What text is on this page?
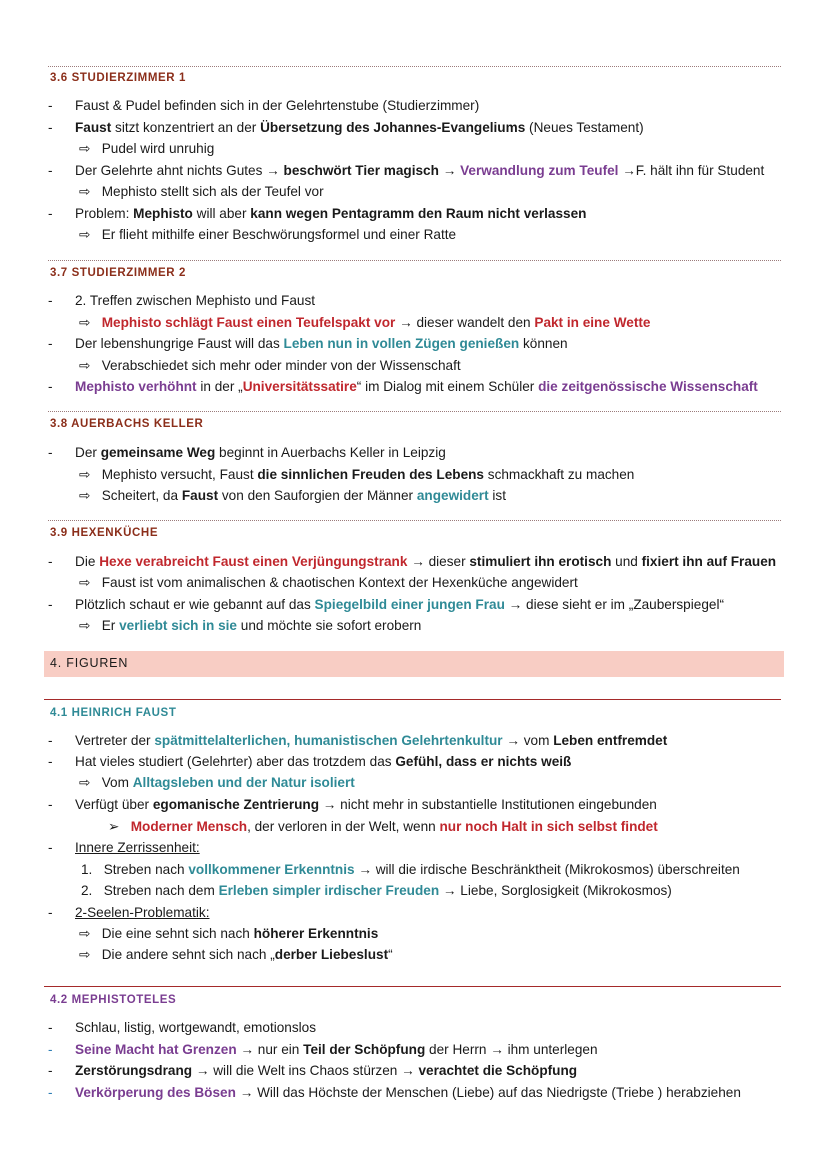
3.6 STUDIERZIMMER 1
- Faust & Pudel befinden sich in der Gelehrtenstube (Studierzimmer)
- Faust sitzt konzentriert an der Übersetzung des Johannes-Evangeliums (Neues Testament)
⇨ Pudel wird unruhig
- Der Gelehrte ahnt nichts Gutes → beschwört Tier magisch → Verwandlung zum Teufel →F. hält ihn für Student
⇨ Mephisto stellt sich als der Teufel vor
- Problem: Mephisto will aber kann wegen Pentagramm den Raum nicht verlassen
⇨ Er flieht mithilfe einer Beschwörungsformel und einer Ratte
3.7 STUDIERZIMMER 2
- 2. Treffen zwischen Mephisto und Faust
⇨ Mephisto schlägt Faust einen Teufelspakt vor → dieser wandelt den Pakt in eine Wette
- Der lebenshungrige Faust will das Leben nun in vollen Zügen genießen können
⇨ Verabschiedet sich mehr oder minder von der Wissenschaft
- Mephisto verhöhnt in der „Universitätssatire“ im Dialog mit einem Schüler die zeitgenössische Wissenschaft
3.8 AUERBACHS KELLER
- Der gemeinsame Weg beginnt in Auerbachs Keller in Leipzig
⇨ Mephisto versucht, Faust die sinnlichen Freuden des Lebens schmackhaft zu machen
⇨ Scheitert, da Faust von den Sauforgien der Männer angewidert ist
3.9 HEXENKÜCHE
- Die Hexe verabreicht Faust einen Verjüngungstrank → dieser stimuliert ihn erotisch und fixiert ihn auf Frauen
⇨ Faust ist vom animalischen & chaotischen Kontext der Hexenküche angewidert
- Plötzlich schaut er wie gebannt auf das Spiegelbild einer jungen Frau → diese sieht er im „Zauberspiegel“
⇨ Er verliebt sich in sie und möchte sie sofort erobern
4. FIGUREN
4.1 HEINRICH FAUST
- Vertreter der spätmittelalterlichen, humanistischen Gelehrtenkultur → vom Leben entfremdet
- Hat vieles studiert (Gelehrter) aber das trotzdem das Gefühl, dass er nichts weiß
⇨ Vom Alltagsleben und der Natur isoliert
- Verfügt über egomanische Zentrierung → nicht mehr in substantielle Institutionen eingebunden
➢ Moderner Mensch, der verloren in der Welt, wenn nur noch Halt in sich selbst findet
- Innere Zerrissenheit:
1. Streben nach vollkommener Erkenntnis → will die irdische Beschränktheit (Mikrokosmos) überschreiten
2. Streben nach dem Erleben simpler irdischer Freuden → Liebe, Sorglosigkeit (Mikrokosmos)
- 2-Seelen-Problematik:
⇨ Die eine sehnt sich nach höherer Erkenntnis
⇨ Die andere sehnt sich nach „derber Liebeslust“
4.2 MEPHISTOTELES
- Schlau, listig, wortgewandt, emotionslos
- Seine Macht hat Grenzen → nur ein Teil der Schöpfung der Herrn → ihm unterlegen
- Zerstörungsdrang → will die Welt ins Chaos stürzen → verachtet die Schöpfung
- Verkörperung des Bösen → Will das Höchste der Menschen (Liebe) auf das Niedrigste (Triebe ) herabziehen
